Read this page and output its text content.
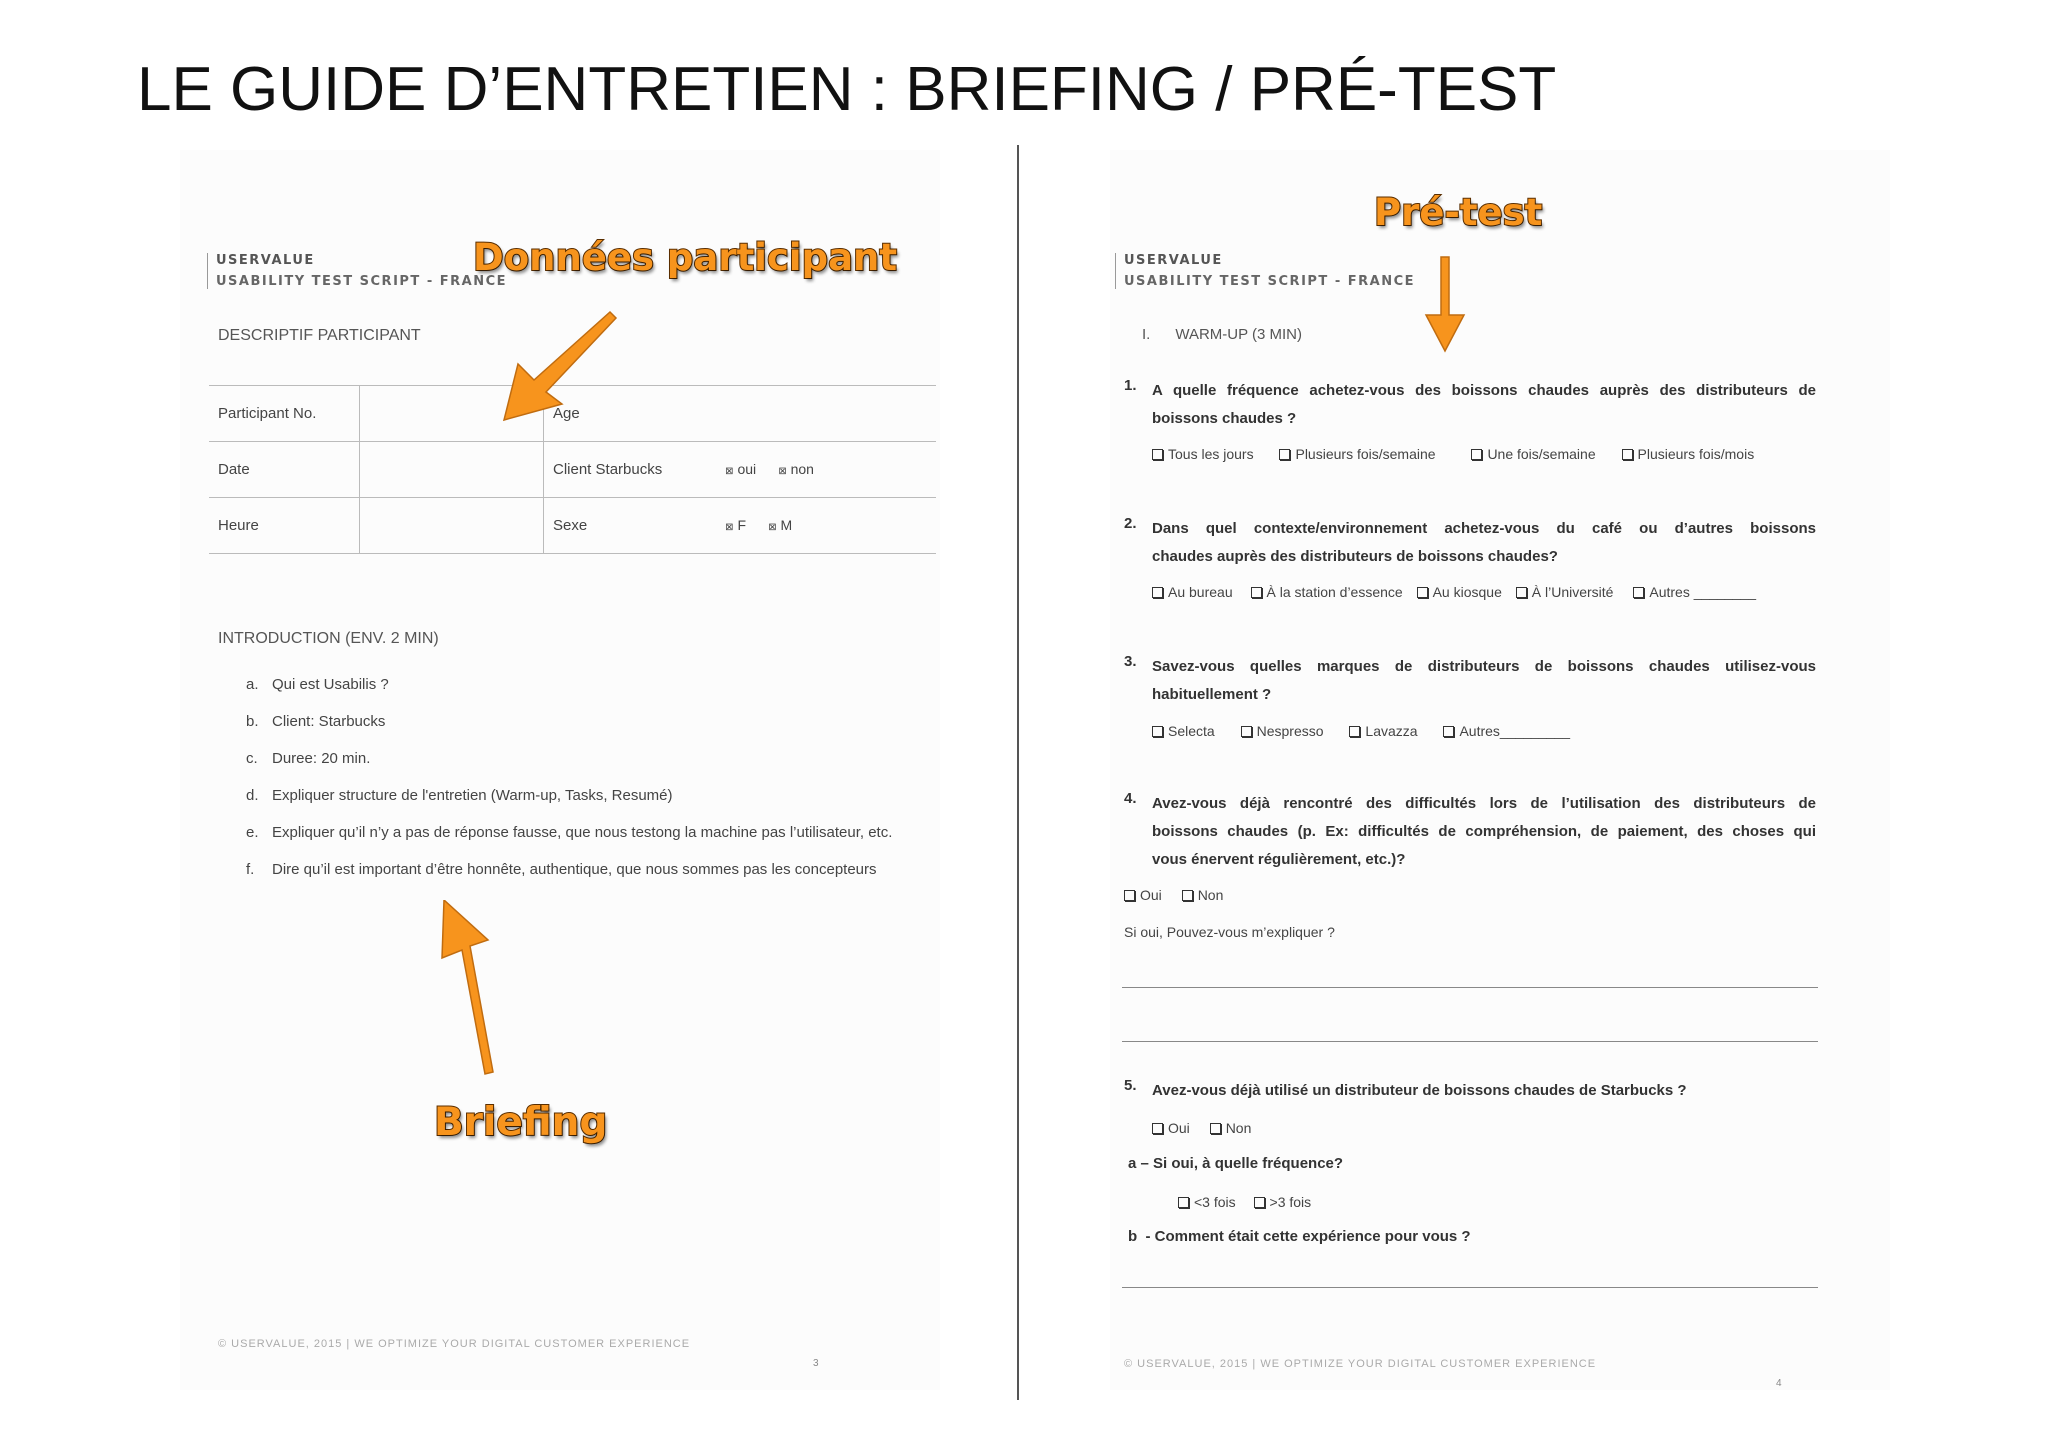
LE GUIDE D’ENTRETIEN : BRIEFING / PRÉ-TEST
USERVALUE
USABILITY TEST SCRIPT - FRANCE
DESCRIPTIF PARTICIPANT
Participant No.		Age
Date		Client Starbucks ⊠ oui ⊠ non
Heure		Sexe ⊠ F ⊠ M
INTRODUCTION (ENV. 2 MIN)
a. Qui est Usabilis ?
b. Client: Starbucks
c. Duree: 20 min.
d. Expliquer structure de l'entretien (Warm-up, Tasks, Resumé)
e. Expliquer qu’il n’y a pas de réponse fausse, que nous testong la machine pas l’utilisateur, etc.
f. Dire qu’il est important d’être honnête, authentique, que nous sommes pas les concepteurs
© USERVALUE, 2015 | WE OPTIMIZE YOUR DIGITAL CUSTOMER EXPERIENCE
3
Données participant
Briefing
USERVALUE
USABILITY TEST SCRIPT - FRANCE
I.      WARM-UP (3 MIN)
Pré-test
1. A quelle fréquence achetez-vous des boissons chaudes auprès des distributeurs de
boissons chaudes ?
Tous les jours	Plusieurs fois/semaine	Une fois/semaine	Plusieurs fois/mois
2. Dans quel contexte/environnement achetez-vous du café ou d’autres boissons
chaudes auprès des distributeurs de boissons chaudes?
Au bureau À la station d’essence Au kiosque À l’Université	Autres ________
3. Savez-vous quelles marques de distributeurs de boissons chaudes utilisez-vous
habituellement ?
Selecta	Nespresso	Lavazza	Autres_________
4. Avez-vous déjà rencontré des difficultés lors de l’utilisation des distributeurs de
boissons chaudes (p. Ex: difficultés de compréhension, de paiement, des choses qui
vous énervent régulièrement, etc.)?
Oui	Non
Si oui, Pouvez-vous m’expliquer ?
5. Avez-vous déjà utilisé un distributeur de boissons chaudes de Starbucks ?
Oui	Non
a – Si oui, à quelle fréquence?
<3 fois >3 fois
b  - Comment était cette expérience pour vous ?
© USERVALUE, 2015 | WE OPTIMIZE YOUR DIGITAL CUSTOMER EXPERIENCE
4
